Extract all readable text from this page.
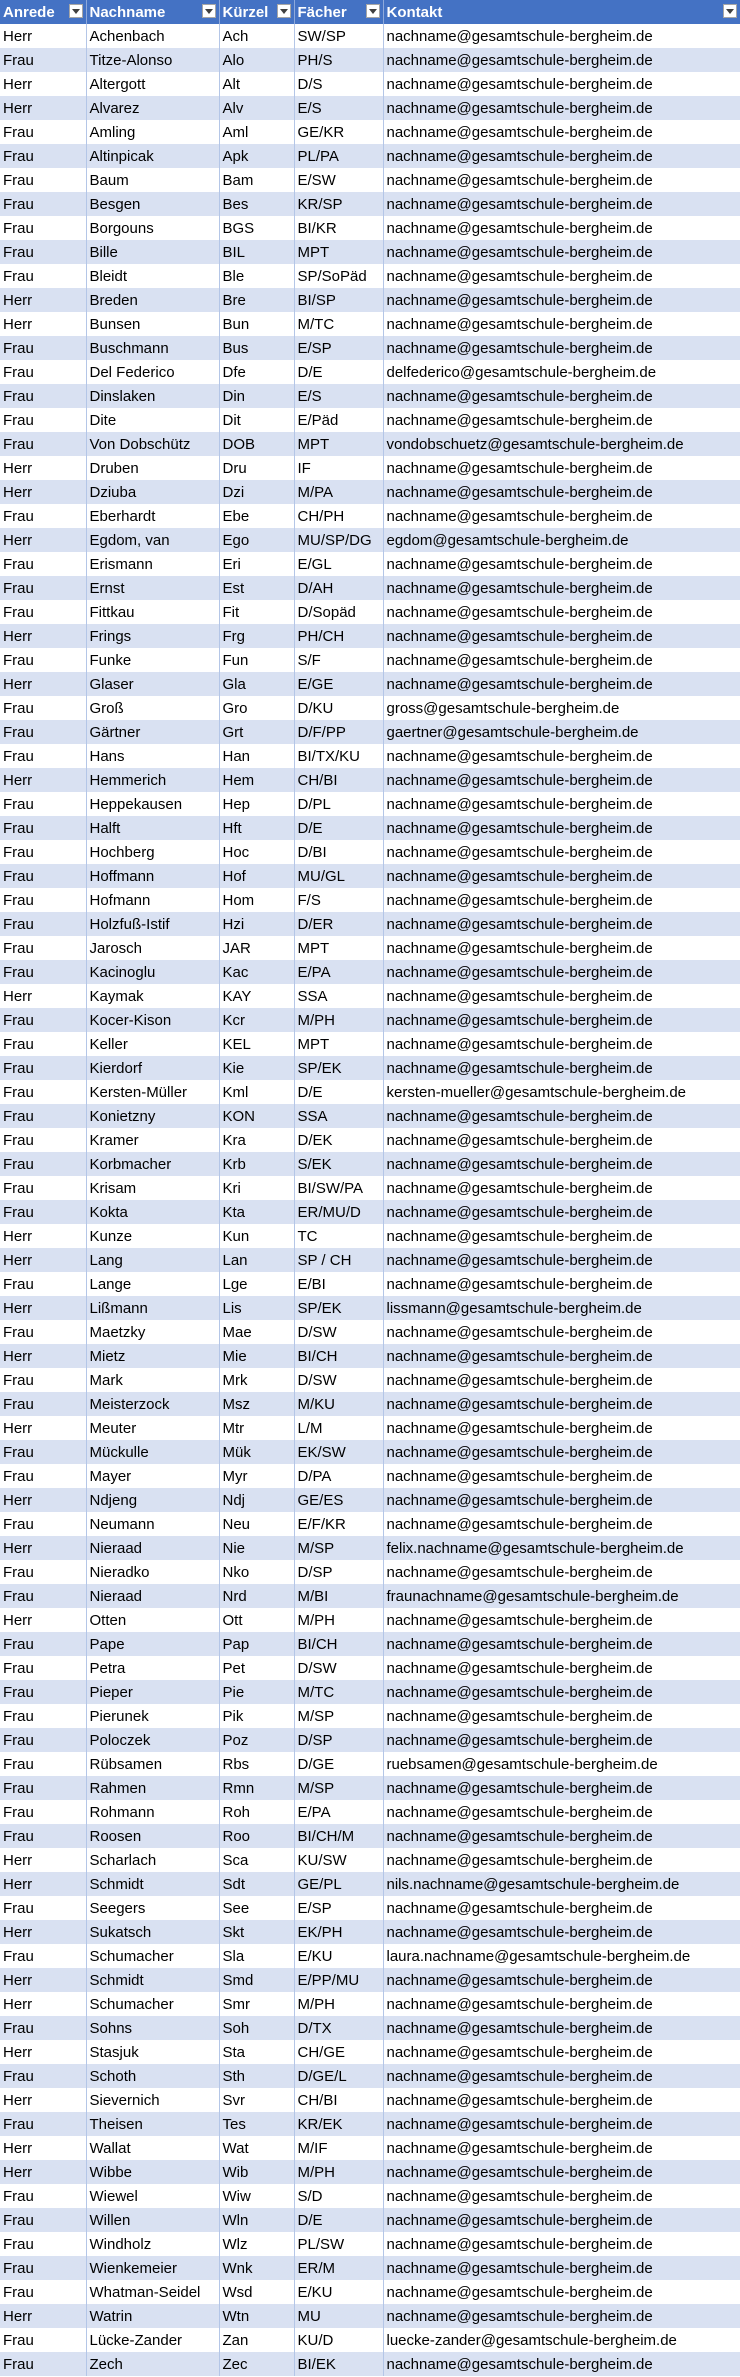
Anrede	Nachname	Kürzel	Fächer	Kontakt

Herr	Achenbach	Ach	SW/SP	nachname@gesamtschule-bergheim.de
Frau	Titze-Alonso	Alo	PH/S	nachname@gesamtschule-bergheim.de
Herr	Altergott	Alt	D/S	nachname@gesamtschule-bergheim.de
Herr	Alvarez	Alv	E/S	nachname@gesamtschule-bergheim.de
Frau	Amling	Aml	GE/KR	nachname@gesamtschule-bergheim.de
Frau	Altinpicak	Apk	PL/PA	nachname@gesamtschule-bergheim.de
Frau	Baum	Bam	E/SW	nachname@gesamtschule-bergheim.de
Frau	Besgen	Bes	KR/SP	nachname@gesamtschule-bergheim.de
Frau	Borgouns	BGS	BI/KR	nachname@gesamtschule-bergheim.de
Frau	Bille	BIL	MPT	nachname@gesamtschule-bergheim.de
Frau	Bleidt	Ble	SP/SoPäd	nachname@gesamtschule-bergheim.de
Herr	Breden	Bre	BI/SP	nachname@gesamtschule-bergheim.de
Herr	Bunsen	Bun	M/TC	nachname@gesamtschule-bergheim.de
Frau	Buschmann	Bus	E/SP	nachname@gesamtschule-bergheim.de
Frau	Del Federico	Dfe	D/E	delfederico@gesamtschule-bergheim.de
Frau	Dinslaken	Din	E/S	nachname@gesamtschule-bergheim.de
Frau	Dite	Dit	E/Päd	nachname@gesamtschule-bergheim.de
Frau	Von Dobschütz	DOB	MPT	vondobschuetz@gesamtschule-bergheim.de
Herr	Druben	Dru	IF	nachname@gesamtschule-bergheim.de
Herr	Dziuba	Dzi	M/PA	nachname@gesamtschule-bergheim.de
Frau	Eberhardt	Ebe	CH/PH	nachname@gesamtschule-bergheim.de
Herr	Egdom, van	Ego	MU/SP/DG	egdom@gesamtschule-bergheim.de
Frau	Erismann	Eri	E/GL	nachname@gesamtschule-bergheim.de
Frau	Ernst	Est	D/AH	nachname@gesamtschule-bergheim.de
Frau	Fittkau	Fit	D/Sopäd	nachname@gesamtschule-bergheim.de
Herr	Frings	Frg	PH/CH	nachname@gesamtschule-bergheim.de
Frau	Funke	Fun	S/F	nachname@gesamtschule-bergheim.de
Herr	Glaser	Gla	E/GE	nachname@gesamtschule-bergheim.de
Frau	Groß	Gro	D/KU	gross@gesamtschule-bergheim.de
Frau	Gärtner	Grt	D/F/PP	gaertner@gesamtschule-bergheim.de
Frau	Hans	Han	BI/TX/KU	nachname@gesamtschule-bergheim.de
Herr	Hemmerich	Hem	CH/BI	nachname@gesamtschule-bergheim.de
Frau	Heppekausen	Hep	D/PL	nachname@gesamtschule-bergheim.de
Frau	Halft	Hft	D/E	nachname@gesamtschule-bergheim.de
Frau	Hochberg	Hoc	D/BI	nachname@gesamtschule-bergheim.de
Frau	Hoffmann	Hof	MU/GL	nachname@gesamtschule-bergheim.de
Frau	Hofmann	Hom	F/S	nachname@gesamtschule-bergheim.de
Frau	Holzfuß-Istif	Hzi	D/ER	nachname@gesamtschule-bergheim.de
Frau	Jarosch	JAR	MPT	nachname@gesamtschule-bergheim.de
Frau	Kacinoglu	Kac	E/PA	nachname@gesamtschule-bergheim.de
Herr	Kaymak	KAY	SSA	nachname@gesamtschule-bergheim.de
Frau	Kocer-Kison	Kcr	M/PH	nachname@gesamtschule-bergheim.de
Frau	Keller	KEL	MPT	nachname@gesamtschule-bergheim.de
Frau	Kierdorf	Kie	SP/EK	nachname@gesamtschule-bergheim.de
Frau	Kersten-Müller	Kml	D/E	kersten-mueller@gesamtschule-bergheim.de
Frau	Konietzny	KON	SSA	nachname@gesamtschule-bergheim.de
Frau	Kramer	Kra	D/EK	nachname@gesamtschule-bergheim.de
Frau	Korbmacher	Krb	S/EK	nachname@gesamtschule-bergheim.de
Frau	Krisam	Kri	BI/SW/PA	nachname@gesamtschule-bergheim.de
Frau	Kokta	Kta	ER/MU/D	nachname@gesamtschule-bergheim.de
Herr	Kunze	Kun	TC	nachname@gesamtschule-bergheim.de
Herr	Lang	Lan	SP / CH	nachname@gesamtschule-bergheim.de
Frau	Lange	Lge	E/BI	nachname@gesamtschule-bergheim.de
Herr	Lißmann	Lis	SP/EK	lissmann@gesamtschule-bergheim.de
Frau	Maetzky	Mae	D/SW	nachname@gesamtschule-bergheim.de
Herr	Mietz	Mie	BI/CH	nachname@gesamtschule-bergheim.de
Frau	Mark	Mrk	D/SW	nachname@gesamtschule-bergheim.de
Frau	Meisterzock	Msz	M/KU	nachname@gesamtschule-bergheim.de
Herr	Meuter	Mtr	L/M	nachname@gesamtschule-bergheim.de
Frau	Mückulle	Mük	EK/SW	nachname@gesamtschule-bergheim.de
Frau	Mayer	Myr	D/PA	nachname@gesamtschule-bergheim.de
Herr	Ndjeng	Ndj	GE/ES	nachname@gesamtschule-bergheim.de
Frau	Neumann	Neu	E/F/KR	nachname@gesamtschule-bergheim.de
Herr	Nieraad	Nie	M/SP	felix.nachname@gesamtschule-bergheim.de
Frau	Nieradko	Nko	D/SP	nachname@gesamtschule-bergheim.de
Frau	Nieraad	Nrd	M/BI	fraunachname@gesamtschule-bergheim.de
Herr	Otten	Ott	M/PH	nachname@gesamtschule-bergheim.de
Frau	Pape	Pap	BI/CH	nachname@gesamtschule-bergheim.de
Frau	Petra	Pet	D/SW	nachname@gesamtschule-bergheim.de
Frau	Pieper	Pie	M/TC	nachname@gesamtschule-bergheim.de
Frau	Pierunek	Pik	M/SP	nachname@gesamtschule-bergheim.de
Frau	Poloczek	Poz	D/SP	nachname@gesamtschule-bergheim.de
Frau	Rübsamen	Rbs	D/GE	ruebsamen@gesamtschule-bergheim.de
Frau	Rahmen	Rmn	M/SP	nachname@gesamtschule-bergheim.de
Frau	Rohmann	Roh	E/PA	nachname@gesamtschule-bergheim.de
Frau	Roosen	Roo	BI/CH/M	nachname@gesamtschule-bergheim.de
Herr	Scharlach	Sca	KU/SW	nachname@gesamtschule-bergheim.de
Herr	Schmidt	Sdt	GE/PL	nils.nachname@gesamtschule-bergheim.de
Frau	Seegers	See	E/SP	nachname@gesamtschule-bergheim.de
Herr	Sukatsch	Skt	EK/PH	nachname@gesamtschule-bergheim.de
Frau	Schumacher	Sla	E/KU	laura.nachname@gesamtschule-bergheim.de
Herr	Schmidt	Smd	E/PP/MU	nachname@gesamtschule-bergheim.de
Herr	Schumacher	Smr	M/PH	nachname@gesamtschule-bergheim.de
Frau	Sohns	Soh	D/TX	nachname@gesamtschule-bergheim.de
Herr	Stasjuk	Sta	CH/GE	nachname@gesamtschule-bergheim.de
Frau	Schoth	Sth	D/GE/L	nachname@gesamtschule-bergheim.de
Herr	Sievernich	Svr	CH/BI	nachname@gesamtschule-bergheim.de
Frau	Theisen	Tes	KR/EK	nachname@gesamtschule-bergheim.de
Herr	Wallat	Wat	M/IF	nachname@gesamtschule-bergheim.de
Herr	Wibbe	Wib	M/PH	nachname@gesamtschule-bergheim.de
Frau	Wiewel	Wiw	S/D	nachname@gesamtschule-bergheim.de
Frau	Willen	Wln	D/E	nachname@gesamtschule-bergheim.de
Frau	Windholz	Wlz	PL/SW	nachname@gesamtschule-bergheim.de
Frau	Wienkemeier	Wnk	ER/M	nachname@gesamtschule-bergheim.de
Frau	Whatman-Seidel	Wsd	E/KU	nachname@gesamtschule-bergheim.de
Herr	Watrin	Wtn	MU	nachname@gesamtschule-bergheim.de
Frau	Lücke-Zander	Zan	KU/D	luecke-zander@gesamtschule-bergheim.de
Frau	Zech	Zec	BI/EK	nachname@gesamtschule-bergheim.de
